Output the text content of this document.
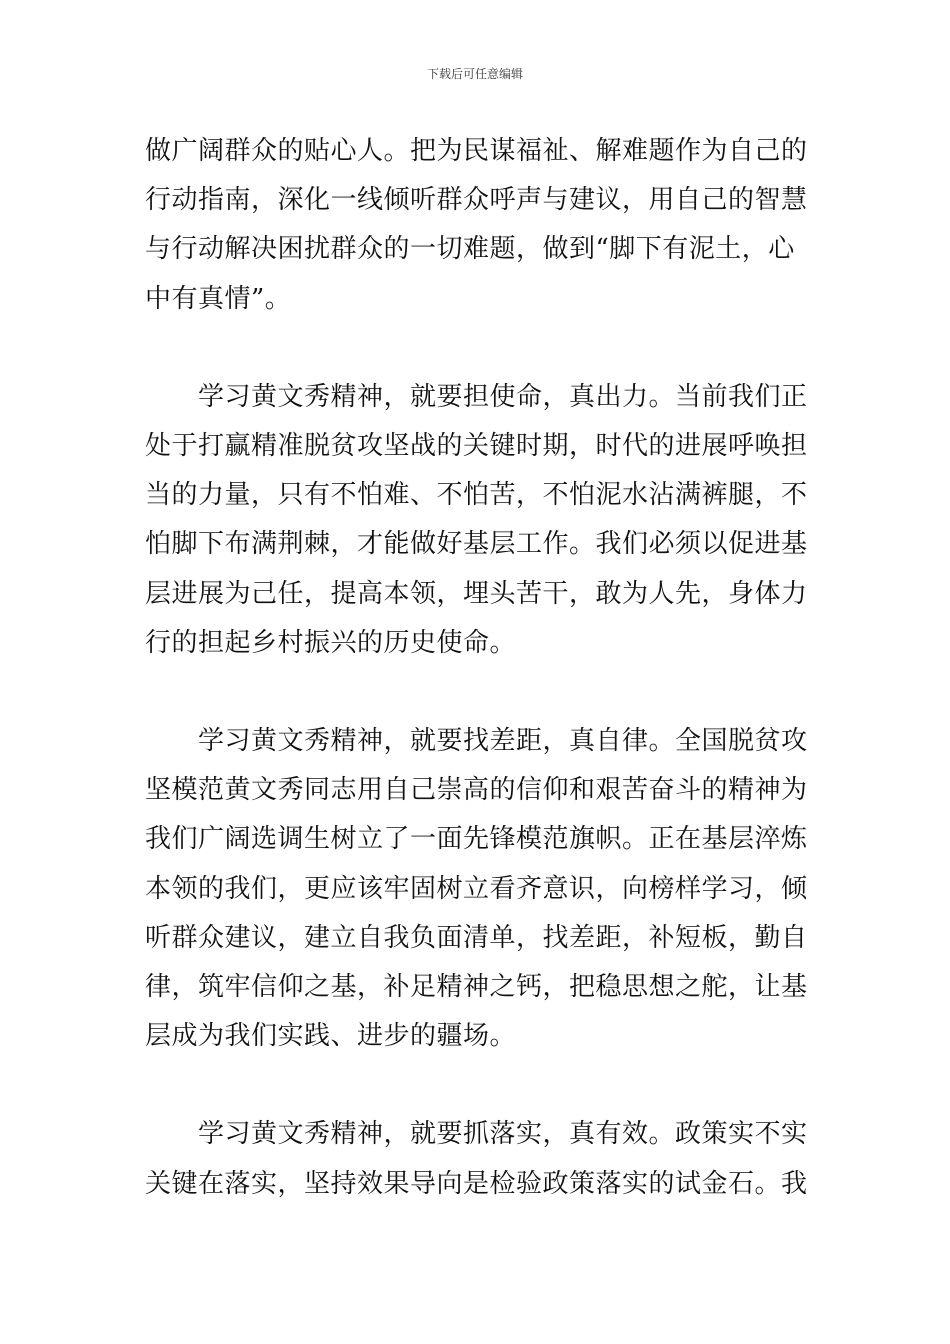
下载后可任意编辑

做广阔群众的贴心人。把为民谋福祉、解难题作为自己的
行动指南，深化一线倾听群众呼声与建议，用自己的智慧
与行动解决困扰群众的一切难题，做到“脚下有泥土，心
中有真情”。

学习黄文秀精神，就要担使命，真出力。当前我们正
处于打赢精准脱贫攻坚战的关键时期，时代的进展呼唤担
当的力量，只有不怕难、不怕苦，不怕泥水沾满裤腿，不
怕脚下布满荆棘，才能做好基层工作。我们必须以促进基
层进展为己任，提高本领，埋头苦干，敢为人先，身体力
行的担起乡村振兴的历史使命。

学习黄文秀精神，就要找差距，真自律。全国脱贫攻
坚模范黄文秀同志用自己崇高的信仰和艰苦奋斗的精神为
我们广阔选调生树立了一面先锋模范旗帜。正在基层淬炼
本领的我们，更应该牢固树立看齐意识，向榜样学习，倾
听群众建议，建立自我负面清单，找差距，补短板，勤自
律，筑牢信仰之基，补足精神之钙，把稳思想之舵，让基
层成为我们实践、进步的疆场。

学习黄文秀精神，就要抓落实，真有效。政策实不实
关键在落实，坚持效果导向是检验政策落实的试金石。我
